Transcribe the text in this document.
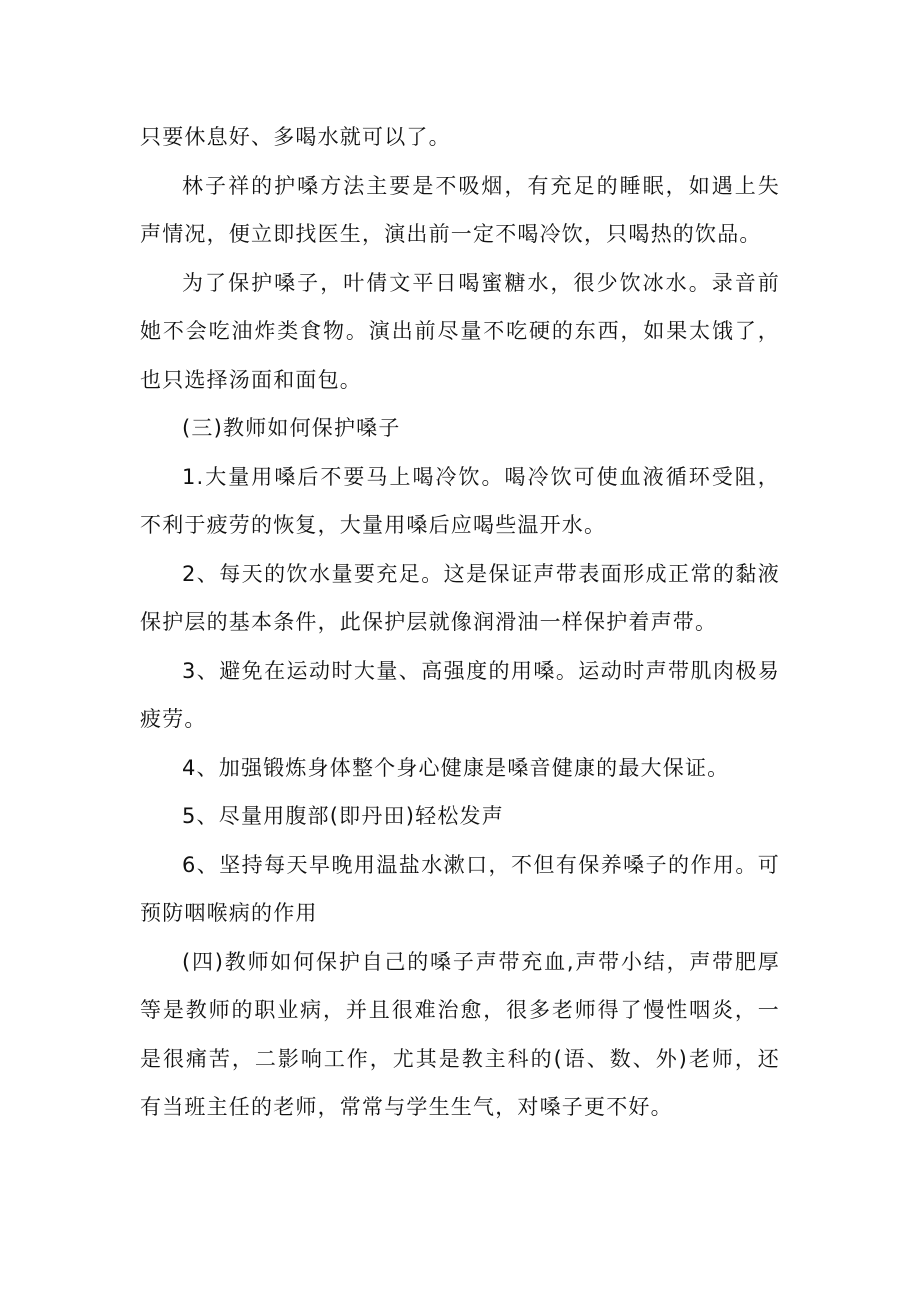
只要休息好、多喝水就可以了。

林子祥的护嗓方法主要是不吸烟，有充足的睡眠，如遇上失声情况，便立即找医生，演出前一定不喝冷饮，只喝热的饮品。

为了保护嗓子，叶倩文平日喝蜜糖水，很少饮冰水。录音前她不会吃油炸类食物。演出前尽量不吃硬的东西，如果太饿了，也只选择汤面和面包。

(三)教师如何保护嗓子

1.大量用嗓后不要马上喝冷饮。喝冷饮可使血液循环受阻，不利于疲劳的恢复，大量用嗓后应喝些温开水。

2、每天的饮水量要充足。这是保证声带表面形成正常的黏液保护层的基本条件，此保护层就像润滑油一样保护着声带。

3、避免在运动时大量、高强度的用嗓。运动时声带肌肉极易疲劳。

4、加强锻炼身体整个身心健康是嗓音健康的最大保证。

5、尽量用腹部(即丹田)轻松发声

6、坚持每天早晚用温盐水漱口，不但有保养嗓子的作用。可预防咽喉病的作用

(四)教师如何保护自己的嗓子声带充血,声带小结，声带肥厚等是教师的职业病，并且很难治愈，很多老师得了慢性咽炎，一是很痛苦，二影响工作，尤其是教主科的(语、数、外)老师，还有当班主任的老师，常常与学生生气，对嗓子更不好。
